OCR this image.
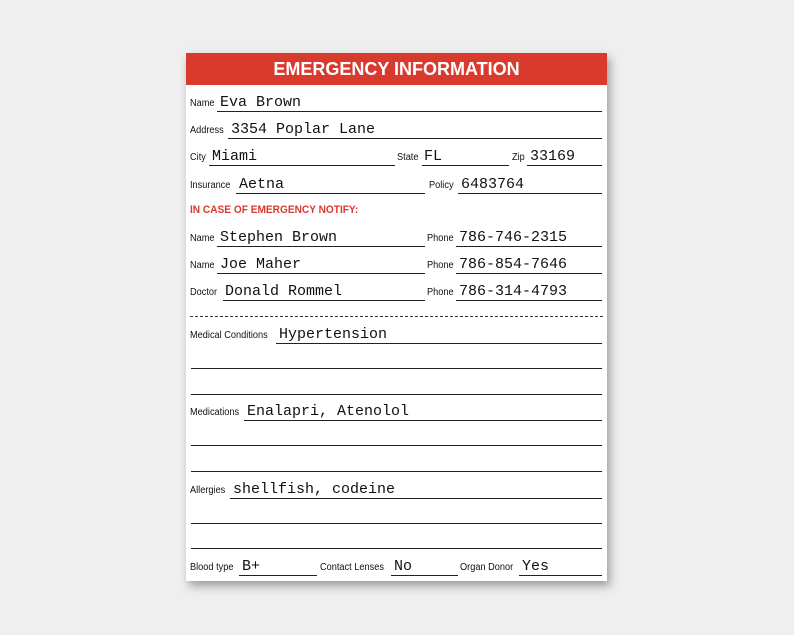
EMERGENCY INFORMATION
Name Eva Brown
Address 3354 Poplar Lane
City Miami	State FL	Zip 33169
Insurance Aetna	Policy 6483764
IN CASE OF EMERGENCY NOTIFY:
Name Stephen Brown	Phone 786-746-2315
Name Joe Maher	Phone 786-854-7646
Doctor Donald Rommel	Phone 786-314-4793
Medical Conditions Hypertension
Medications Enalapri, Atenolol
Allergies shellfish, codeine
Blood type B+	Contact Lenses No	Organ Donor Yes
